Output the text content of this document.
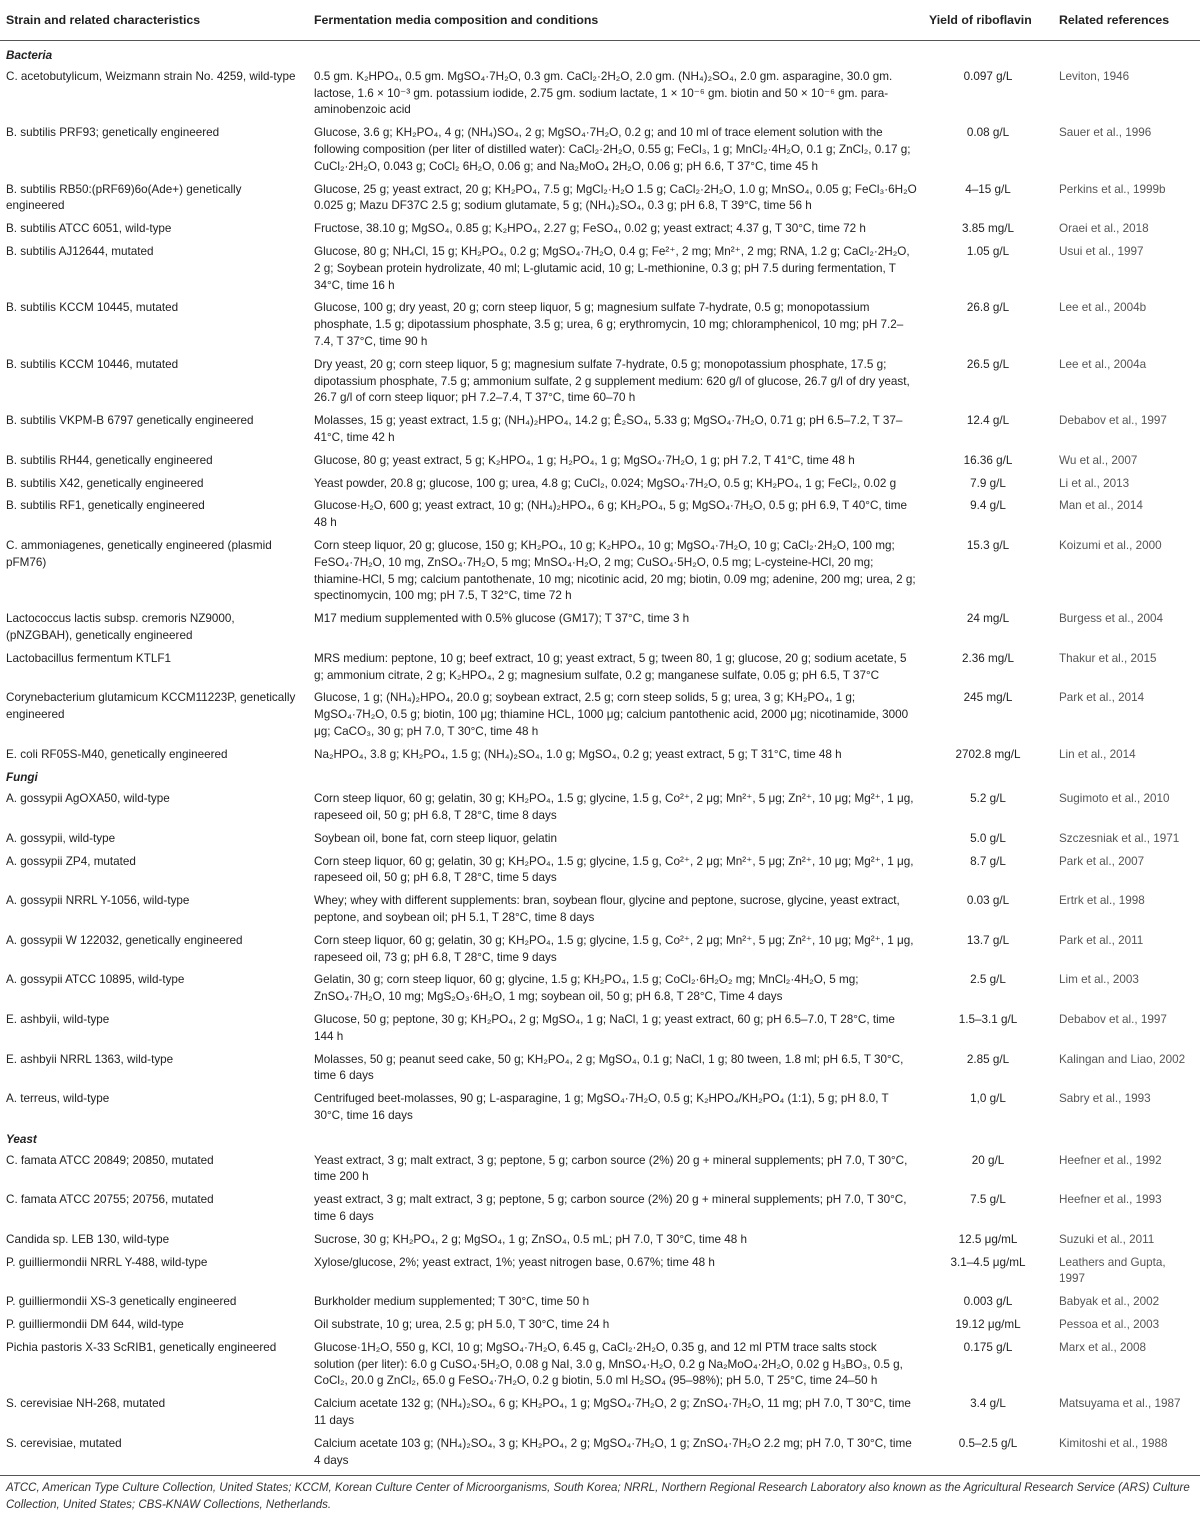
Strain and related characteristics	Fermentation media composition and conditions	Yield of riboflavin	Related references
Bacteria			
C. acetobutylicum, Weizmann strain No. 4259, wild-type	0.5 gm. K₂HPO₄, 0.5 gm. MgSO₄·7H₂O, 0.3 gm. CaCl₂·2H₂O, 2.0 gm. (NH₄)₂SO₄, 2.0 gm. asparagine, 30.0 gm. lactose, 1.6 × 10⁻³ gm. potassium iodide, 2.75 gm. sodium lactate, 1 × 10⁻⁶ gm. biotin and 50 × 10⁻⁶ gm. para-aminobenzoic acid	0.097 g/L	Leviton, 1946
B. subtilis PRF93; genetically engineered	Glucose, 3.6 g; KH₂PO₄, 4 g; (NH₄)SO₄, 2 g; MgSO₄·7H₂O, 0.2 g; and 10 ml of trace element solution with the following composition (per liter of distilled water): CaCl₂·2H₂O, 0.55 g; FeCl₃, 1 g; MnCl₂·4H₂O, 0.1 g; ZnCl₂, 0.17 g; CuCl₂·2H₂O, 0.043 g; CoCl₂ 6H₂O, 0.06 g; and Na₂MoO₄ 2H₂O, 0.06 g; pH 6.6, T 37°C, time 45 h	0.08 g/L	Sauer et al., 1996
B. subtilis RB50:(pRF69)6o(Ade+) genetically engineered	Glucose, 25 g; yeast extract, 20 g; KH₂PO₄, 7.5 g; MgCl₂·H₂O 1.5 g; CaCl₂·2H₂O, 1.0 g; MnSO₄, 0.05 g; FeCl₃·6H₂O 0.025 g; Mazu DF37C 2.5 g; sodium glutamate, 5 g; (NH₄)₂SO₄, 0.3 g; pH 6.8, T 39°C, time 56 h	4–15 g/L	Perkins et al., 1999b
B. subtilis ATCC 6051, wild-type	Fructose, 38.10 g; MgSO₄, 0.85 g; K₂HPO₄, 2.27 g; FeSO₄, 0.02 g; yeast extract; 4.37 g, T 30°C, time 72 h	3.85 mg/L	Oraei et al., 2018
B. subtilis AJ12644, mutated	Glucose, 80 g; NH₄Cl, 15 g; KH₂PO₄, 0.2 g; MgSO₄·7H₂O, 0.4 g; Fe²⁺, 2 mg; Mn²⁺, 2 mg; RNA, 1.2 g; CaCl₂·2H₂O, 2 g; Soybean protein hydrolizate, 40 ml; L-glutamic acid, 10 g; L-methionine, 0.3 g; pH 7.5 during fermentation, T 34°C, time 16 h	1.05 g/L	Usui et al., 1997
B. subtilis KCCM 10445, mutated	Glucose, 100 g; dry yeast, 20 g; corn steep liquor, 5 g; magnesium sulfate 7-hydrate, 0.5 g; monopotassium phosphate, 1.5 g; dipotassium phosphate, 3.5 g; urea, 6 g; erythromycin, 10 mg; chloramphenicol, 10 mg; pH 7.2–7.4, T 37°C, time 90 h	26.8 g/L	Lee et al., 2004b
B. subtilis KCCM 10446, mutated	Dry yeast, 20 g; corn steep liquor, 5 g; magnesium sulfate 7-hydrate, 0.5 g; monopotassium phosphate, 17.5 g; dipotassium phosphate, 7.5 g; ammonium sulfate, 2 g supplement medium: 620 g/l of glucose, 26.7 g/l of dry yeast, 26.7 g/l of corn steep liquor; pH 7.2–7.4, T 37°C, time 60–70 h	26.5 g/L	Lee et al., 2004a
B. subtilis VKPM-B 6797 genetically engineered	Molasses, 15 g; yeast extract, 1.5 g; (NH₄)₂HPO₄, 14.2 g; Ê₂SO₄, 5.33 g; MgSO₄·7H₂O, 0.71 g; pH 6.5–7.2, T 37–41°C, time 42 h	12.4 g/L	Debabov et al., 1997
B. subtilis RH44, genetically engineered	Glucose, 80 g; yeast extract, 5 g; K₂HPO₄, 1 g; H₂PO₄, 1 g; MgSO₄·7H₂O, 1 g; pH 7.2, T 41°C, time 48 h	16.36 g/L	Wu et al., 2007
B. subtilis X42, genetically engineered	Yeast powder, 20.8 g; glucose, 100 g; urea, 4.8 g; CuCl₂, 0.024; MgSO₄·7H₂O, 0.5 g; KH₂PO₄, 1 g; FeCl₂, 0.02 g	7.9 g/L	Li et al., 2013
B. subtilis RF1, genetically engineered	Glucose·H₂O, 600 g; yeast extract, 10 g; (NH₄)₂HPO₄, 6 g; KH₂PO₄, 5 g; MgSO₄·7H₂O, 0.5 g; pH 6.9, T 40°C, time 48 h	9.4 g/L	Man et al., 2014
C. ammoniagenes, genetically engineered (plasmid pFM76)	Corn steep liquor, 20 g; glucose, 150 g; KH₂PO₄, 10 g; K₂HPO₄, 10 g; MgSO₄·7H₂O, 10 g; CaCl₂·2H₂O, 100 mg; FeSO₄·7H₂O, 10 mg, ZnSO₄·7H₂O, 5 mg; MnSO₄·H₂O, 2 mg; CuSO₄·5H₂O, 0.5 mg; L-cysteine-HCl, 20 mg; thiamine-HCl, 5 mg; calcium pantothenate, 10 mg; nicotinic acid, 20 mg; biotin, 0.09 mg; adenine, 200 mg; urea, 2 g; spectinomycin, 100 mg; pH 7.5, T 32°C, time 72 h	15.3 g/L	Koizumi et al., 2000
Lactococcus lactis subsp. cremoris NZ9000, (pNZGBAH), genetically engineered	M17 medium supplemented with 0.5% glucose (GM17); T 37°C, time 3 h	24 mg/L	Burgess et al., 2004
Lactobacillus fermentum KTLF1	MRS medium: peptone, 10 g; beef extract, 10 g; yeast extract, 5 g; tween 80, 1 g; glucose, 20 g; sodium acetate, 5 g; ammonium citrate, 2 g; K₂HPO₄, 2 g; magnesium sulfate, 0.2 g; manganese sulfate, 0.05 g; pH 6.5, T 37°C	2.36 mg/L	Thakur et al., 2015
Corynebacterium glutamicum KCCM11223P, genetically engineered	Glucose, 1 g; (NH₄)₂HPO₄, 20.0 g; soybean extract, 2.5 g; corn steep solids, 5 g; urea, 3 g; KH₂PO₄, 1 g; MgSO₄·7H₂O, 0.5 g; biotin, 100 μg; thiamine HCL, 1000 μg; calcium pantothenic acid, 2000 μg; nicotinamide, 3000 μg; CaCO₃, 30 g; pH 7.0, T 30°C, time 48 h	245 mg/L	Park et al., 2014
E. coli RF05S-M40, genetically engineered	Na₂HPO₄, 3.8 g; KH₂PO₄, 1.5 g; (NH₄)₂SO₄, 1.0 g; MgSO₄, 0.2 g; yeast extract, 5 g; T 31°C, time 48 h	2702.8 mg/L	Lin et al., 2014
Fungi			
A. gossypii AgOXA50, wild-type	Corn steep liquor, 60 g; gelatin, 30 g; KH₂PO₄, 1.5 g; glycine, 1.5 g, Co²⁺, 2 μg; Mn²⁺, 5 μg; Zn²⁺, 10 μg; Mg²⁺, 1 μg, rapeseed oil, 50 g; pH 6.8, T 28°C, time 8 days	5.2 g/L	Sugimoto et al., 2010
A. gossypii, wild-type	Soybean oil, bone fat, corn steep liquor, gelatin	5.0 g/L	Szczesniak et al., 1971
A. gossypii ZP4, mutated	Corn steep liquor, 60 g; gelatin, 30 g; KH₂PO₄, 1.5 g; glycine, 1.5 g, Co²⁺, 2 μg; Mn²⁺, 5 μg; Zn²⁺, 10 μg; Mg²⁺, 1 μg, rapeseed oil, 50 g; pH 6.8, T 28°C, time 5 days	8.7 g/L	Park et al., 2007
A. gossypii NRRL Y-1056, wild-type	Whey; whey with different supplements: bran, soybean flour, glycine and peptone, sucrose, glycine, yeast extract, peptone, and soybean oil; pH 5.1, T 28°C, time 8 days	0.03 g/L	Ertrk et al., 1998
A. gossypii W 122032, genetically engineered	Corn steep liquor, 60 g; gelatin, 30 g; KH₂PO₄, 1.5 g; glycine, 1.5 g, Co²⁺, 2 μg; Mn²⁺, 5 μg; Zn²⁺, 10 μg; Mg²⁺, 1 μg, rapeseed oil, 73 g; pH 6.8, T 28°C, time 9 days	13.7 g/L	Park et al., 2011
A. gossypii ATCC 10895, wild-type	Gelatin, 30 g; corn steep liquor, 60 g; glycine, 1.5 g; KH₂PO₄, 1.5 g; CoCl₂·6H₂O₂ mg; MnCl₂·4H₂O, 5 mg; ZnSO₄·7H₂O, 10 mg; MgS₂O₃·6H₂O, 1 mg; soybean oil, 50 g; pH 6.8, T 28°C, Time 4 days	2.5 g/L	Lim et al., 2003
E. ashbyii, wild-type	Glucose, 50 g; peptone, 30 g; KH₂PO₄, 2 g; MgSO₄, 1 g; NaCl, 1 g; yeast extract, 60 g; pH 6.5–7.0, T 28°C, time 144 h	1.5–3.1 g/L	Debabov et al., 1997
E. ashbyii NRRL 1363, wild-type	Molasses, 50 g; peanut seed cake, 50 g; KH₂PO₄, 2 g; MgSO₄, 0.1 g; NaCl, 1 g; 80 tween, 1.8 ml; pH 6.5, T 30°C, time 6 days	2.85 g/L	Kalingan and Liao, 2002
A. terreus, wild-type	Centrifuged beet-molasses, 90 g; L-asparagine, 1 g; MgSO₄·7H₂O, 0.5 g; K₂HPO₄/KH₂PO₄ (1:1), 5 g; pH 8.0, T 30°C, time 16 days	1,0 g/L	Sabry et al., 1993
Yeast			
C. famata ATCC 20849; 20850, mutated	Yeast extract, 3 g; malt extract, 3 g; peptone, 5 g; carbon source (2%) 20 g + mineral supplements; pH 7.0, T 30°C, time 200 h	20 g/L	Heefner et al., 1992
C. famata ATCC 20755; 20756, mutated	yeast extract, 3 g; malt extract, 3 g; peptone, 5 g; carbon source (2%) 20 g + mineral supplements; pH 7.0, T 30°C, time 6 days	7.5 g/L	Heefner et al., 1993
Candida sp. LEB 130, wild-type	Sucrose, 30 g; KH₂PO₄, 2 g; MgSO₄, 1 g; ZnSO₄, 0.5 mL; pH 7.0, T 30°C, time 48 h	12.5 μg/mL	Suzuki et al., 2011
P. guilliermondii NRRL Y-488, wild-type	Xylose/glucose, 2%; yeast extract, 1%; yeast nitrogen base, 0.67%; time 48 h	3.1–4.5 μg/mL	Leathers and Gupta, 1997
P. guilliermondii XS-3 genetically engineered	Burkholder medium supplemented; T 30°C, time 50 h	0.003 g/L	Babyak et al., 2002
P. guilliermondii DM 644, wild-type	Oil substrate, 10 g; urea, 2.5 g; pH 5.0, T 30°C, time 24 h	19.12 μg/mL	Pessoa et al., 2003
Pichia pastoris X-33 ScRIB1, genetically engineered	Glucose·1H₂O, 550 g, KCl, 10 g; MgSO₄·7H₂O, 6.45 g, CaCl₂·2H₂O, 0.35 g, and 12 ml PTM trace salts stock solution (per liter): 6.0 g CuSO₄·5H₂O, 0.08 g NaI, 3.0 g, MnSO₄·H₂O, 0.2 g Na₂MoO₄·2H₂O, 0.02 g H₃BO₃, 0.5 g, CoCl₂, 20.0 g ZnCl₂, 65.0 g FeSO₄·7H₂O, 0.2 g biotin, 5.0 ml H₂SO₄ (95–98%); pH 5.0, T 25°C, time 24–50 h	0.175 g/L	Marx et al., 2008
S. cerevisiae NH-268, mutated	Calcium acetate 132 g; (NH₄)₂SO₄, 6 g; KH₂PO₄, 1 g; MgSO₄·7H₂O, 2 g; ZnSO₄·7H₂O, 11 mg; pH 7.0, T 30°C, time 11 days	3.4 g/L	Matsuyama et al., 1987
S. cerevisiae, mutated	Calcium acetate 103 g; (NH₄)₂SO₄, 3 g; KH₂PO₄, 2 g; MgSO₄·7H₂O, 1 g; ZnSO₄·7H₂O 2.2 mg; pH 7.0, T 30°C, time 4 days	0.5–2.5 g/L	Kimitoshi et al., 1988
ATCC, American Type Culture Collection, United States; KCCM, Korean Culture Center of Microorganisms, South Korea; NRRL, Northern Regional Research Laboratory also known as the Agricultural Research Service (ARS) Culture Collection, United States; CBS-KNAW Collections, Netherlands.
